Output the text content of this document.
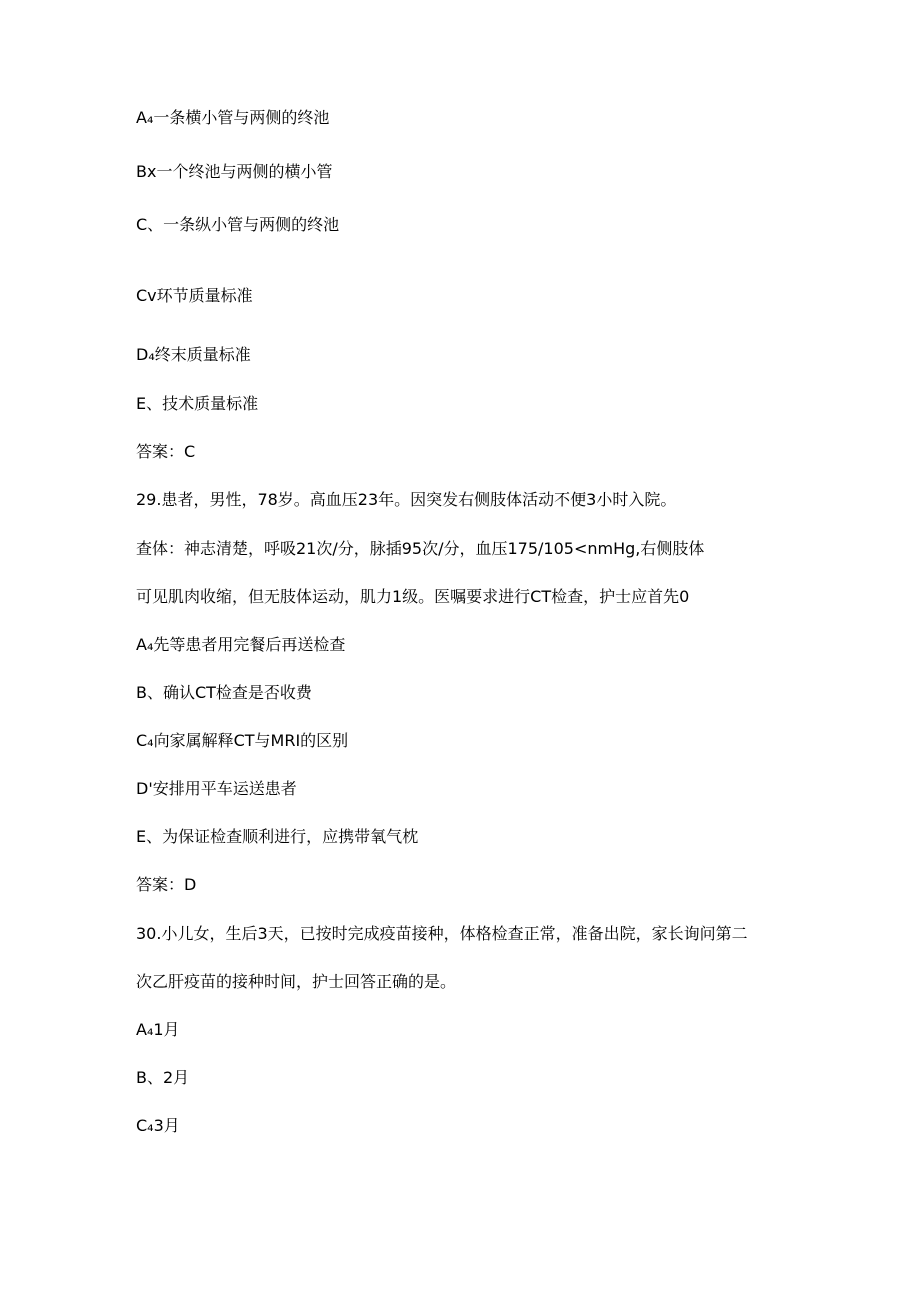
A₄一条横小管与两侧的终池
Bx一个终池与两侧的横小管
C、一条纵小管与两侧的终池
Cv环节质量标准
D₄终末质量标准
E、技术质量标准
答案：C
29.患者，男性，78岁。高血压23年。因突发右侧肢体活动不便3小时入院。
查体：神志清楚，呼吸21次/分，脉插95次/分，血压175/105<nmHg,右侧肢体
可见肌肉收缩，但无肢体运动，肌力1级。医嘱要求进行CT检查，护士应首先0
A₄先等患者用完餐后再送检查
B、确认CT检查是否收费
C₄向家属解释CT与MRI的区别
D'安排用平车运送患者
E、为保证检查顺利进行，应携带氧气枕
答案：D
30.小儿女，生后3天，已按时完成疫苗接种，体格检查正常，准备出院，家长询问第二
次乙肝疫苗的接种时间，护士回答正确的是。
A₄1月
B、2月
C₄3月
